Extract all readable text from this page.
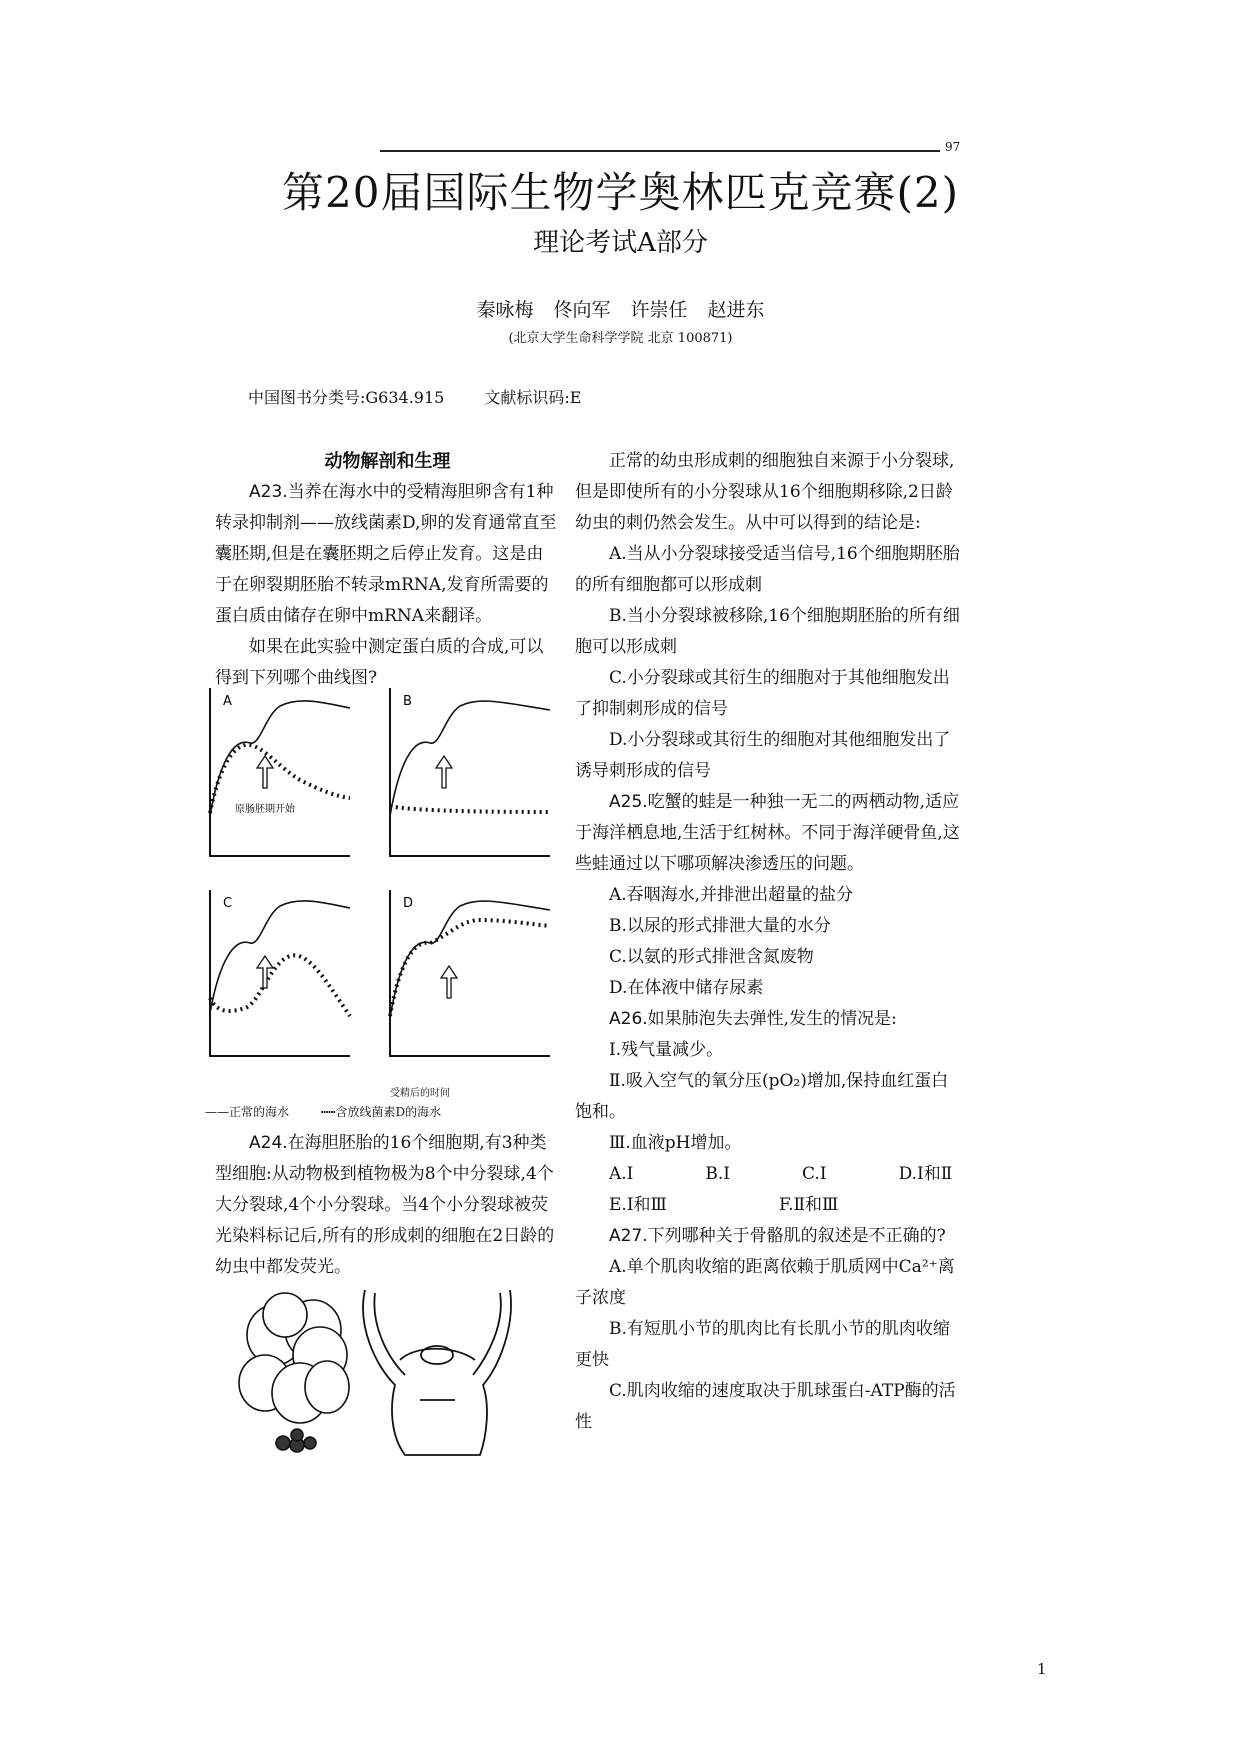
97
第20届国际生物学奥林匹克竞赛(2)
理论考试A部分
秦咏梅 佟向军 许崇任 赵进东
(北京大学生命科学学院 北京 100871)
中国图书分类号:G634.915	文献标识码:E

动物解剖和生理

A23.当养在海水中的受精海胆卵含有1种转录抑制剂——放线菌素D,卵的发育通常直至囊胚期,但是在囊胚期之后停止发育。这是由于在卵裂期胚胎不转录mRNA,发育所需要的蛋白质由储存在卵中mRNA来翻译。

如果在此实验中测定蛋白质的合成,可以得到下列哪个曲线图?

A
原肠胚期开始
B
C	D
受精后的时间
——正常的海水	┅┅含放线菌素D的海水

A24.在海胆胚胎的16个细胞期,有3种类型细胞:从动物极到植物极为8个中分裂球,4个大分裂球,4个小分裂球。当4个小分裂球被荧光染料标记后,所有的形成刺的细胞在2日龄的幼虫中都发荧光。

正常的幼虫形成刺的细胞独自来源于小分裂球,但是即使所有的小分裂球从16个细胞期移除,2日龄幼虫的刺仍然会发生。从中可以得到的结论是:

A.当从小分裂球接受适当信号,16个细胞期胚胎的所有细胞都可以形成刺

B.当小分裂球被移除,16个细胞期胚胎的所有细胞可以形成刺

C.小分裂球或其衍生的细胞对于其他细胞发出了抑制刺形成的信号

D.小分裂球或其衍生的细胞对其他细胞发出了诱导刺形成的信号

A25.吃蟹的蛙是一种独一无二的两栖动物,适应于海洋栖息地,生活于红树林。不同于海洋硬骨鱼,这些蛙通过以下哪项解决渗透压的问题。

A.吞咽海水,并排泄出超量的盐分

B.以尿的形式排泄大量的水分

C.以氨的形式排泄含氮废物

D.在体液中储存尿素

A26.如果肺泡失去弹性,发生的情况是:

Ⅰ.残气量减少。

Ⅱ.吸入空气的氧分压(pO₂)增加,保持血红蛋白饱和。

Ⅲ.血液pH增加。

A.Ⅰ	B.Ⅰ	C.Ⅰ	D.Ⅰ和Ⅱ

E.Ⅰ和Ⅲ	F.Ⅱ和Ⅲ

A27.下列哪种关于骨骼肌的叙述是不正确的?

A.单个肌肉收缩的距离依赖于肌质网中Ca²⁺离子浓度

B.有短肌小节的肌肉比有长肌小节的肌肉收缩更快

C.肌肉收缩的速度取决于肌球蛋白-ATP酶的活性

1
